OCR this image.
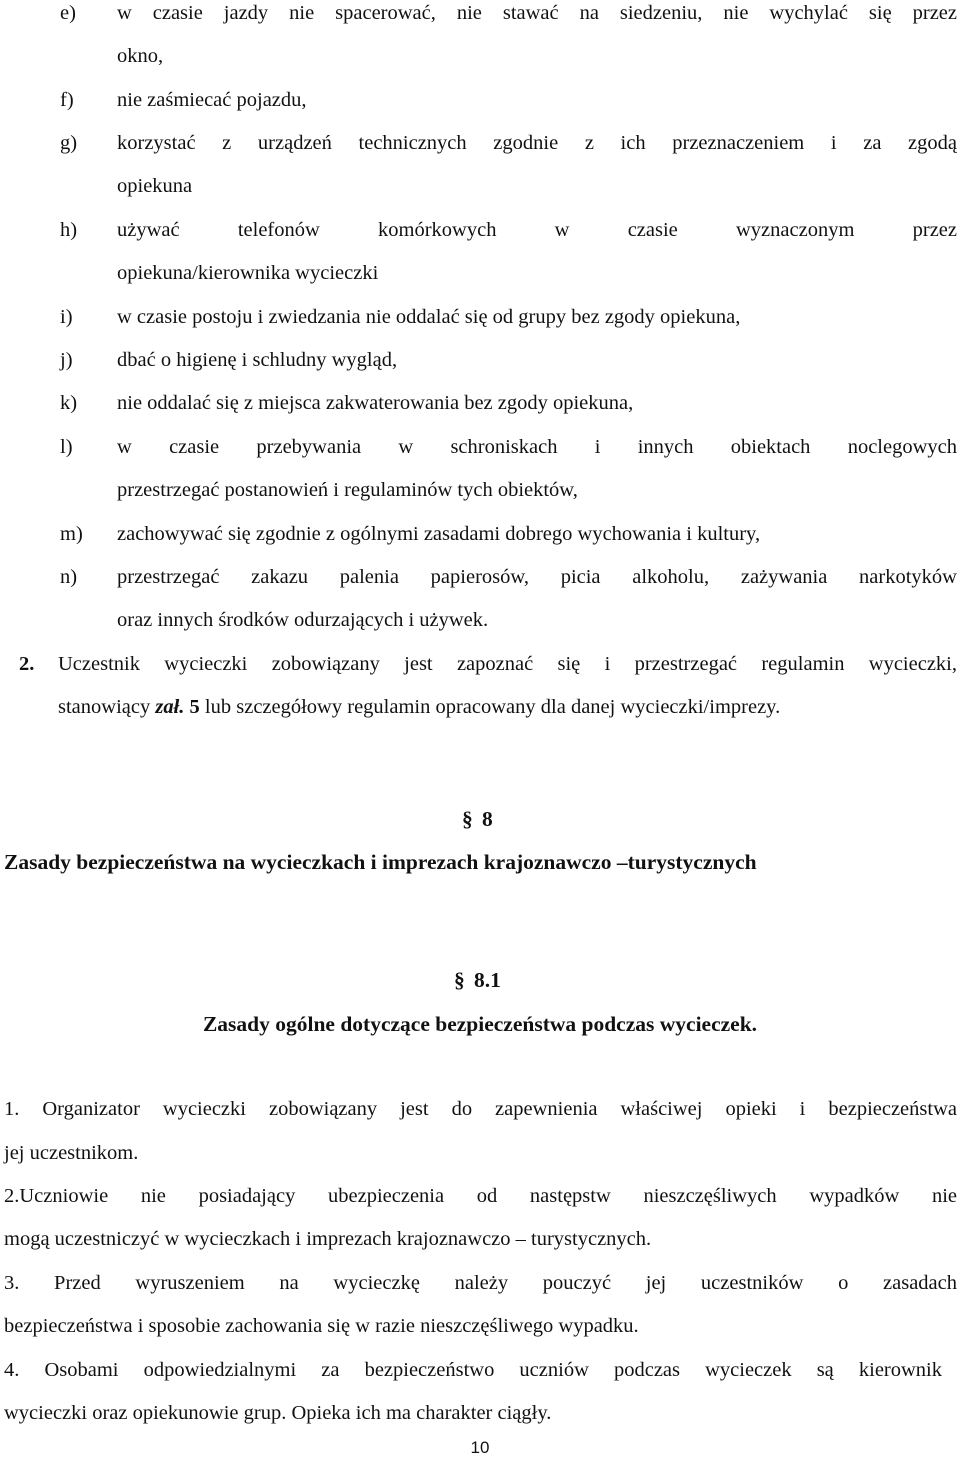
e) w czasie jazdy nie spacerować, nie stawać na siedzeniu, nie wychylać się przez
okno,
f) nie zaśmiecać pojazdu,
g) korzystać z urządzeń technicznych zgodnie z ich przeznaczeniem i za zgodą
opiekuna
h) używać telefonów komórkowych w czasie wyznaczonym przez
opiekuna/kierownika wycieczki
i) w czasie postoju i zwiedzania nie oddalać się od grupy bez zgody opiekuna,
j) dbać o higienę i schludny wygląd,
k) nie oddalać się z miejsca zakwaterowania bez zgody opiekuna,
l) w czasie przebywania w schroniskach i innych obiektach noclegowych
przestrzegać postanowień i regulaminów tych obiektów,
m) zachowywać się zgodnie z ogólnymi zasadami dobrego wychowania i kultury,
n) przestrzegać zakazu palenia papierosów, picia alkoholu, zażywania narkotyków
oraz innych środków odurzających i używek.
2. Uczestnik wycieczki zobowiązany jest zapoznać się i przestrzegać regulamin wycieczki,
stanowiący zał. 5 lub szczegółowy regulamin opracowany dla danej wycieczki/imprezy.
§ 8
Zasady bezpieczeństwa na wycieczkach i imprezach krajoznawczo –turystycznych
§ 8.1
Zasady ogólne dotyczące bezpieczeństwa podczas wycieczek.
1. Organizator wycieczki zobowiązany jest do zapewnienia właściwej opieki i bezpieczeństwa
jej uczestnikom.
2.Uczniowie nie posiadający ubezpieczenia od następstw nieszczęśliwych wypadków nie
mogą uczestniczyć w wycieczkach i imprezach krajoznawczo – turystycznych.
3. Przed wyruszeniem na wycieczkę należy pouczyć jej uczestników o zasadach
bezpieczeństwa i sposobie zachowania się w razie nieszczęśliwego wypadku.
4. Osobami odpowiedzialnymi za bezpieczeństwo uczniów podczas wycieczek są kierownik
wycieczki oraz opiekunowie grup. Opieka ich ma charakter ciągły.
10
